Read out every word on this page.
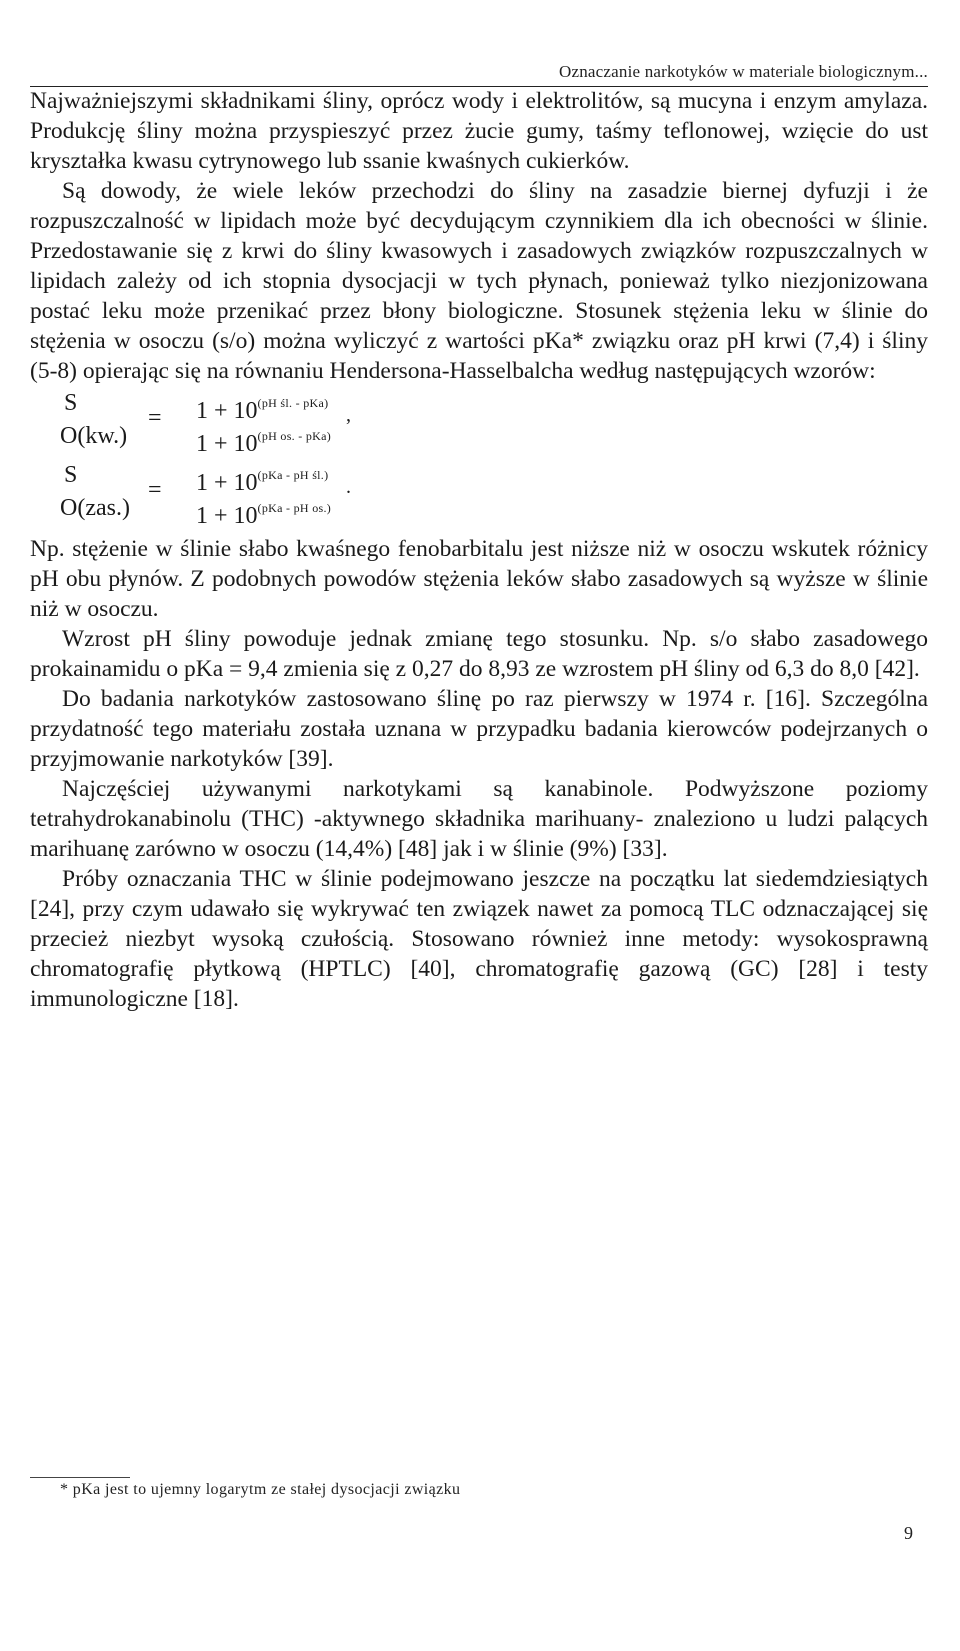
Oznaczanie narkotyków w materiale biologicznym...

Najważniejszymi składnikami śliny, oprócz wody i elektrolitów, są mucyna i enzym amylaza. Produkcję śliny można przyspieszyć przez żucie gumy, taśmy teflonowej, wzięcie do ust kryształka kwasu cytrynowego lub ssanie kwaśnych cukierków.

Są dowody, że wiele leków przechodzi do śliny na zasadzie biernej dyfuzji i że rozpuszczalność w lipidach może być decydującym czynnikiem dla ich obecności w ślinie. Przedostawanie się z krwi do śliny kwasowych i zasadowych związków rozpuszczalnych w lipidach zależy od ich stopnia dysocjacji w tych płynach, ponieważ tylko niezjonizowana postać leku może przenikać przez błony biologiczne. Stosunek stężenia leku w ślinie do stężenia w osoczu (s/o) można wyliczyć z wartości pKa* związku oraz pH krwi (7,4) i śliny (5-8) opierając się na równaniu Hendersona-Hasselbalcha według następujących wzorów:

S
O(kw.)
= $1 + 10^{(pH śl. - pKa)}$
$1 + 10^{(pH os. - pKa)}$
,
S
O(zas.)
= $1 + 10^{(pKa - pH śl.)}$
$1 + 10^{(pKa - pH os.)}$
.

Np. stężenie w ślinie słabo kwaśnego fenobarbitalu jest niższe niż w osoczu wskutek różnicy pH obu płynów. Z podobnych powodów stężenia leków słabo zasadowych są wyższe w ślinie niż w osoczu.

Wzrost pH śliny powoduje jednak zmianę tego stosunku. Np. s/o słabo zasadowego prokainamidu o pKa = 9,4 zmienia się z 0,27 do 8,93 ze wzrostem pH śliny od 6,3 do 8,0 [42].

Do badania narkotyków zastosowano ślinę po raz pierwszy w 1974 r. [16]. Szczególna przydatność tego materiału została uznana w przypadku badania kierowców podejrzanych o przyjmowanie narkotyków [39].

Najczęściej używanymi narkotykami są kanabinole. Podwyższone poziomy tetrahydrokanabinolu (THC) -aktywnego składnika marihuany- znaleziono u ludzi palących marihuanę zarówno w osoczu (14,4%) [48] jak i w ślinie (9%) [33].

Próby oznaczania THC w ślinie podejmowano jeszcze na początku lat siedemdziesiątych [24], przy czym udawało się wykrywać ten związek nawet za pomocą TLC odznaczającej się przecież niezbyt wysoką czułością. Stosowano również inne metody: wysokosprawną chromatografię płytkową (HPTLC) [40], chromatografię gazową (GC) [28] i testy immunologiczne [18].

* pKa jest to ujemny logarytm ze stałej dysocjacji związku
9
